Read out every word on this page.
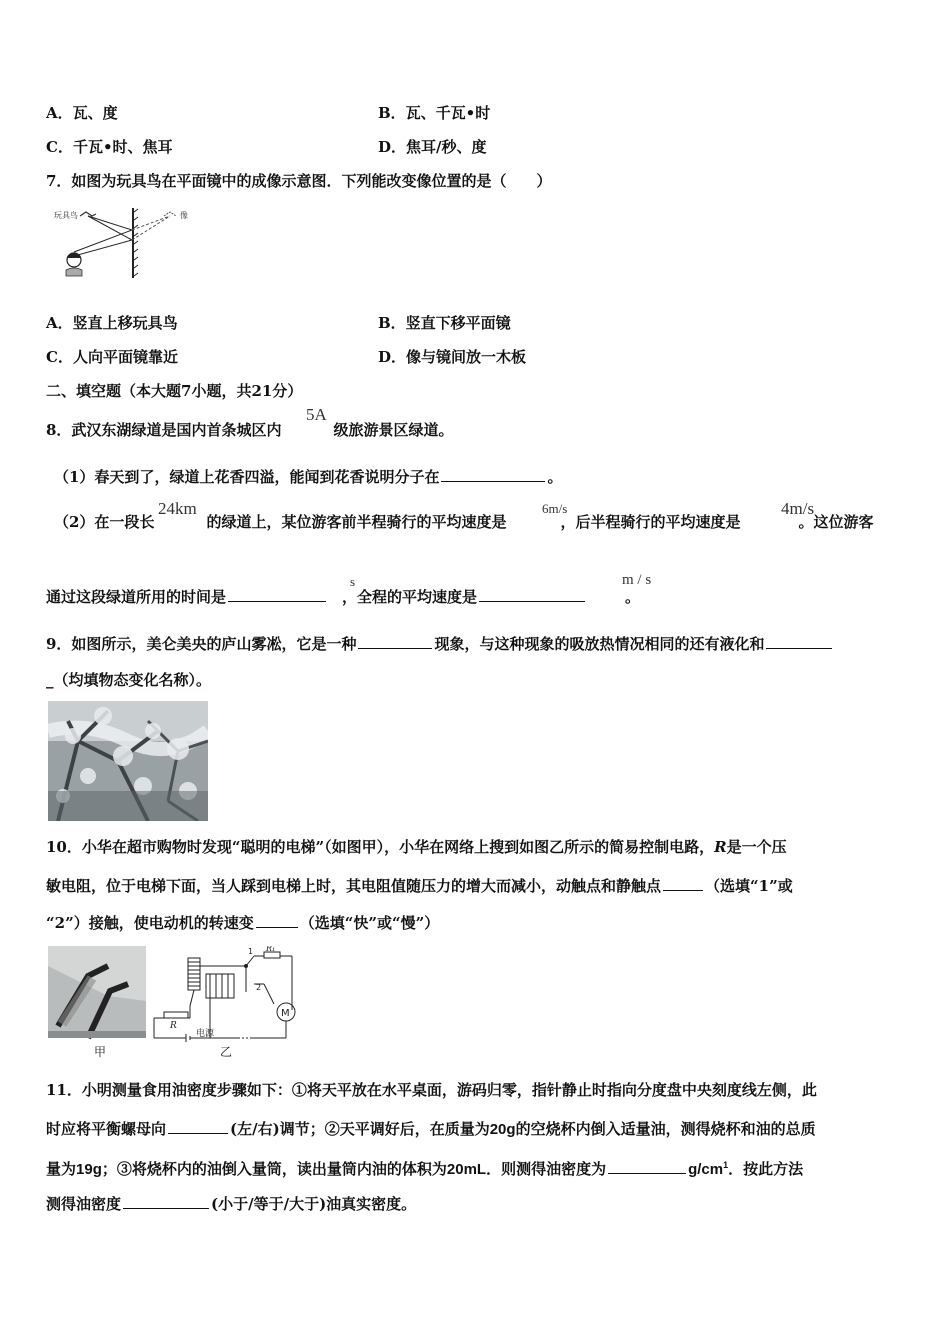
A．瓦、度	B．瓦、千瓦•时
C．千瓦•时、焦耳	D．焦耳/秒、度
7．如图为玩具鸟在平面镜中的成像示意图．下列能改变像位置的是（　　）
玩具鸟	像
A．竖直上移玩具鸟	B．竖直下移平面镜
C．人向平面镜靠近	D．像与镜间放一木板
二、填空题（本大题7小题，共21分）
8．武汉东湖绿道是国内首条城区内	级旅游景区绿道。
5A
（1）春天到了，绿道上花香四溢，能闻到花香说明分子在	。
（2）在一段长	的绿道上，某位游客前半程骑行的平均速度是	，后半程骑行的平均速度是	。这位游客
24km	6m/s	4m/s
通过这段绿道所用的时间是	，全程的平均速度是	。
s	m / s
9．如图所示，美仑美央的庐山雾凇，它是一种	现象，与这种现象的吸放热情况相同的还有液化和
_（均填物态变化名称）。
10．小华在超市购物时发现“聪明的电梯”（如图甲），小华在网络上搜到如图乙所示的简易控制电路，R是一个压
敏电阻，位于电梯下面，当人踩到电梯上时，其电阻值随压力的增大而减小，动触点和静触点	（选填“1”或
“2”）接触，使电动机的转速变	（选填“快”或“慢”）
甲
R
R₁
M
1
2
电源
乙
11．小明测量食用油密度步骤如下：①将天平放在水平桌面，游码归零，指针静止时指向分度盘中央刻度线左侧，此
时应将平衡螺母向	(左/右)调节；②天平调好后，在质量为20g的空烧杯内倒入适量油，测得烧杯和油的总质
量为19g；③将烧杯内的油倒入量筒，读出量筒内油的体积为20mL．则测得油密度为	$g/cm^1$．按此方法
测得油密度	(小于/等于/大于)油真实密度。
